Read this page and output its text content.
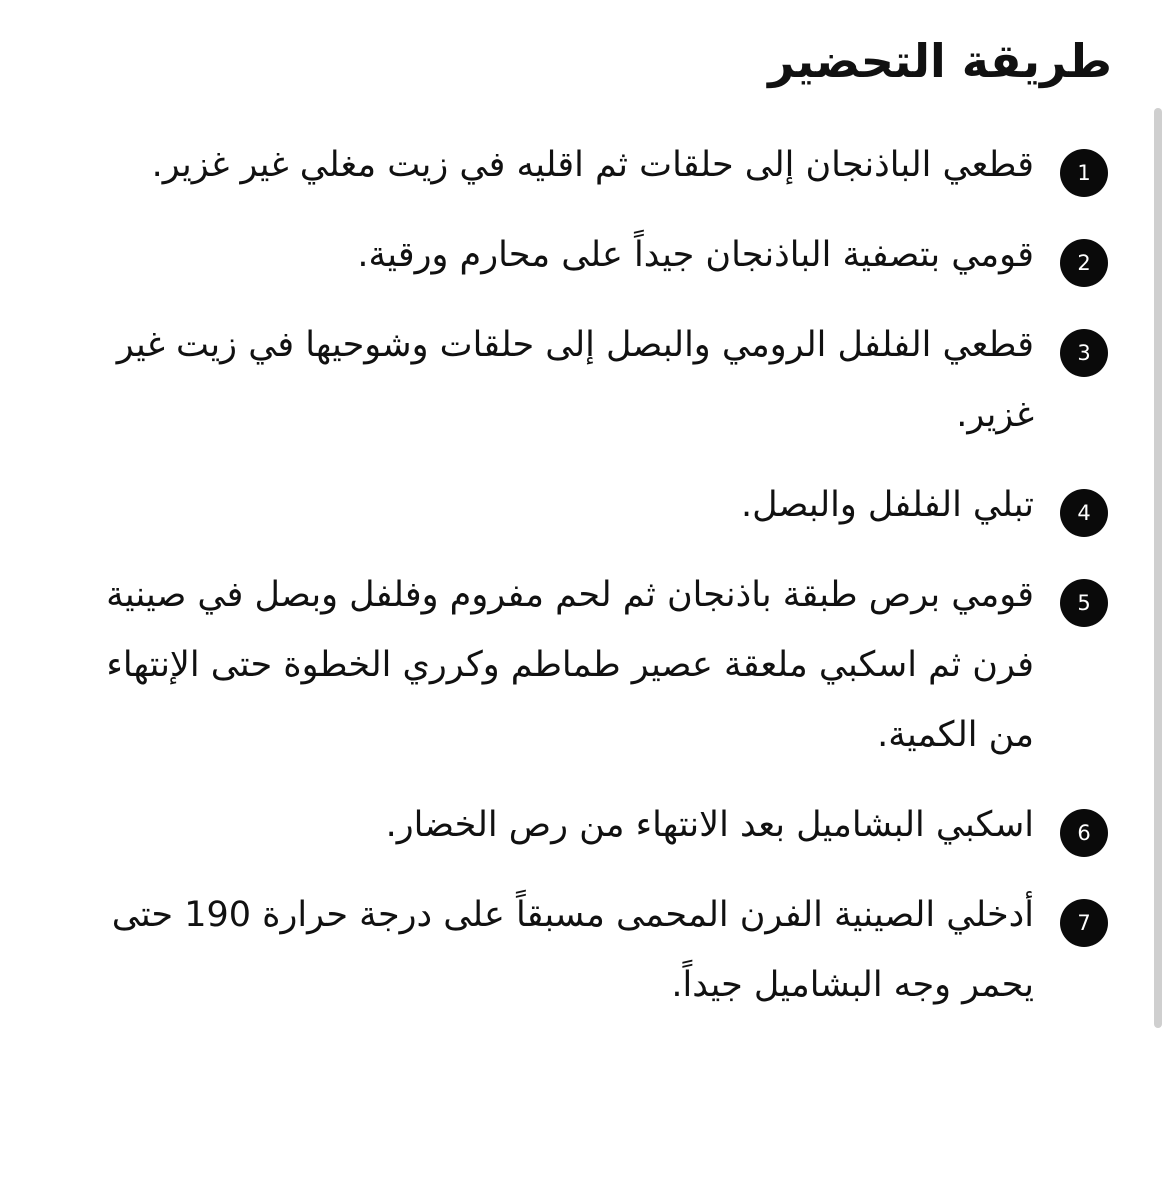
طريقة التحضير
1

قطعي الباذنجان إلى حلقات ثم اقليه في زيت مغلي غير غزير.

2

قومي بتصفية الباذنجان جيداً على محارم ورقية.

3

قطعي الفلفل الرومي والبصل إلى حلقات وشوحيها في زيت غير غزير.

4

تبلي الفلفل والبصل.

5

قومي برص طبقة باذنجان ثم لحم مفروم وفلفل وبصل في صينية فرن ثم اسكبي ملعقة عصير طماطم وكرري الخطوة حتى الإنتهاء من الكمية.

6

اسكبي البشاميل بعد الانتهاء من رص الخضار.

7

أدخلي الصينية الفرن المحمى مسبقاً على درجة حرارة 190 حتى يحمر وجه البشاميل جيداً.
